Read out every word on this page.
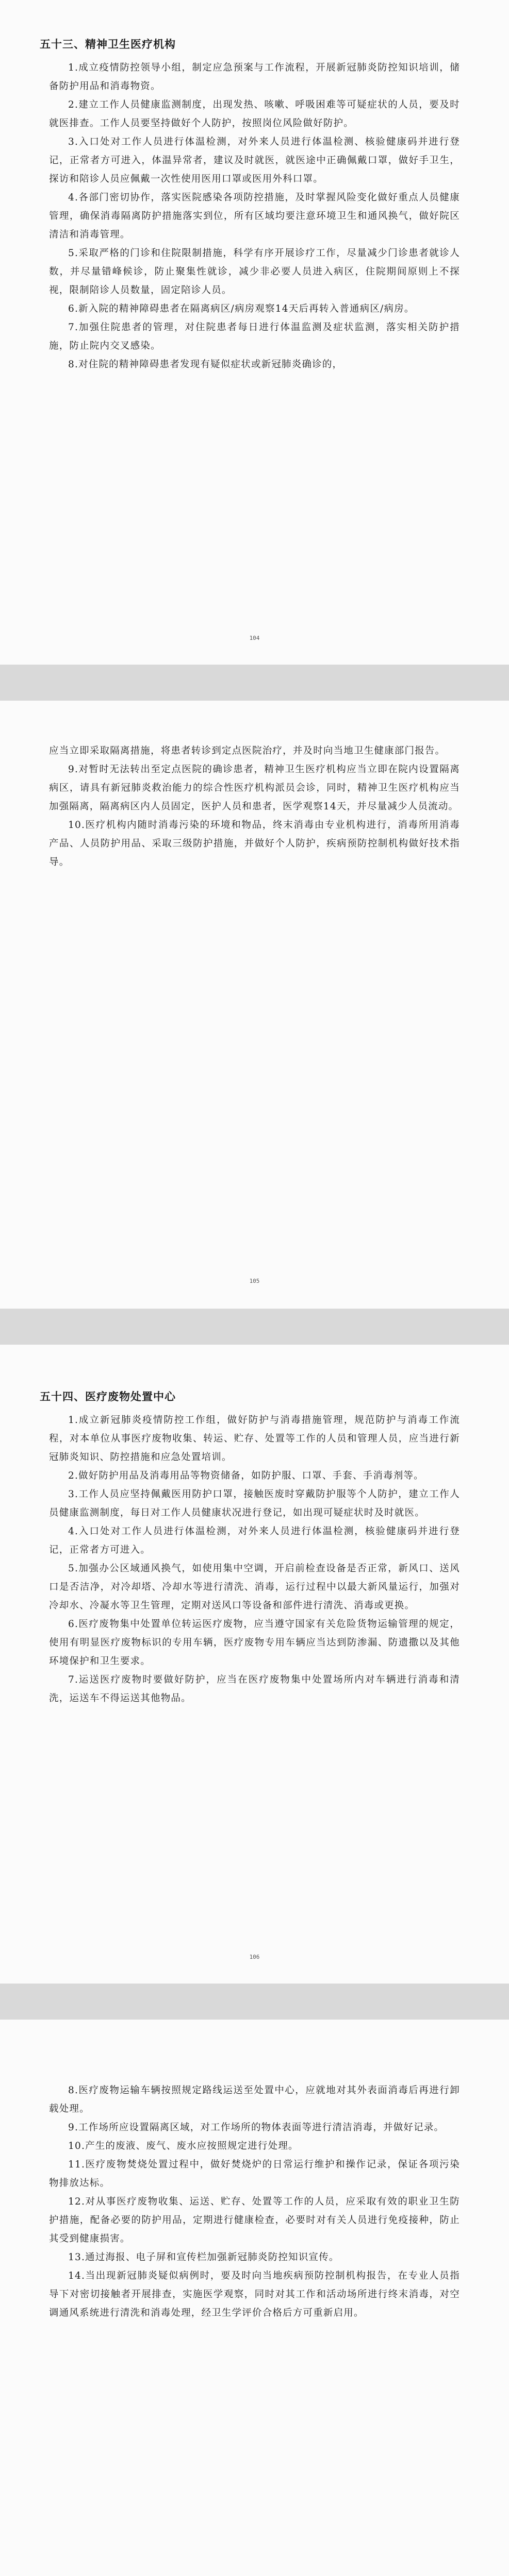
五十三、精神卫生医疗机构

1.成立疫情防控领导小组，制定应急预案与工作流程，开展新冠肺炎防控知识培训，储备防护用品和消毒物资。

2.建立工作人员健康监测制度，出现发热、咳嗽、呼吸困难等可疑症状的人员，要及时就医排查。工作人员要坚持做好个人防护，按照岗位风险做好防护。

3.入口处对工作人员进行体温检测，对外来人员进行体温检测、核验健康码并进行登记，正常者方可进入，体温异常者，建议及时就医，就医途中正确佩戴口罩，做好手卫生，探访和陪诊人员应佩戴一次性使用医用口罩或医用外科口罩。

4.各部门密切协作，落实医院感染各项防控措施，及时掌握风险变化做好重点人员健康管理，确保消毒隔离防护措施落实到位，所有区域均要注意环境卫生和通风换气，做好院区清洁和消毒管理。

5.采取严格的门诊和住院限制措施，科学有序开展诊疗工作，尽量减少门诊患者就诊人数，并尽量错峰候诊，防止聚集性就诊，减少非必要人员进入病区，住院期间原则上不探视，限制陪诊人员数量，固定陪诊人员。

6.新入院的精神障碍患者在隔离病区/病房观察14天后再转入普通病区/病房。

7.加强住院患者的管理，对住院患者每日进行体温监测及症状监测，落实相关防护措施，防止院内交叉感染。

8.对住院的精神障碍患者发现有疑似症状或新冠肺炎确诊的，

104

应当立即采取隔离措施，将患者转诊到定点医院治疗，并及时向当地卫生健康部门报告。

9.对暂时无法转出至定点医院的确诊患者，精神卫生医疗机构应当立即在院内设置隔离病区，请具有新冠肺炎救治能力的综合性医疗机构派员会诊，同时，精神卫生医疗机构应当加强隔离，隔离病区内人员固定，医护人员和患者，医学观察14天，并尽量减少人员流动。

10.医疗机构内随时消毒污染的环境和物品，终末消毒由专业机构进行，消毒所用消毒产品、人员防护用品、采取三级防护措施，并做好个人防护，疾病预防控制机构做好技术指导。

105
五十四、医疗废物处置中心

1.成立新冠肺炎疫情防控工作组，做好防护与消毒措施管理，规范防护与消毒工作流程，对本单位从事医疗废物收集、转运、贮存、处置等工作的人员和管理人员，应当进行新冠肺炎知识、防控措施和应急处置培训。

2.做好防护用品及消毒用品等物资储备，如防护服、口罩、手套、手消毒剂等。

3.工作人员应坚持佩戴医用防护口罩，接触医废时穿戴防护服等个人防护，建立工作人员健康监测制度，每日对工作人员健康状况进行登记，如出现可疑症状时及时就医。

4.入口处对工作人员进行体温检测，对外来人员进行体温检测，核验健康码并进行登记，正常者方可进入。

5.加强办公区域通风换气，如使用集中空调，开启前检查设备是否正常，新风口、送风口是否洁净，对冷却塔、冷却水等进行清洗、消毒，运行过程中以最大新风量运行，加强对冷却水、冷凝水等卫生管理，定期对送风口等设备和部件进行清洗、消毒或更换。

6.医疗废物集中处置单位转运医疗废物，应当遵守国家有关危险货物运输管理的规定，使用有明显医疗废物标识的专用车辆，医疗废物专用车辆应当达到防渗漏、防遗撒以及其他环境保护和卫生要求。

7.运送医疗废物时要做好防护，应当在医疗废物集中处置场所内对车辆进行消毒和清洗，运送车不得运送其他物品。

106

8.医疗废物运输车辆按照规定路线运送至处置中心，应就地对其外表面消毒后再进行卸载处理。

9.工作场所应设置隔离区域，对工作场所的物体表面等进行清洁消毒，并做好记录。

10.产生的废液、废气、废水应按照规定进行处理。

11.医疗废物焚烧处置过程中，做好焚烧炉的日常运行维护和操作记录，保证各项污染物排放达标。

12.对从事医疗废物收集、运送、贮存、处置等工作的人员，应采取有效的职业卫生防护措施，配备必要的防护用品，定期进行健康检查，必要时对有关人员进行免疫接种，防止其受到健康损害。

13.通过海报、电子屏和宣传栏加强新冠肺炎防控知识宣传。

14.当出现新冠肺炎疑似病例时，要及时向当地疾病预防控制机构报告，在专业人员指导下对密切接触者开展排查，实施医学观察，同时对其工作和活动场所进行终末消毒，对空调通风系统进行清洗和消毒处理，经卫生学评价合格后方可重新启用。
